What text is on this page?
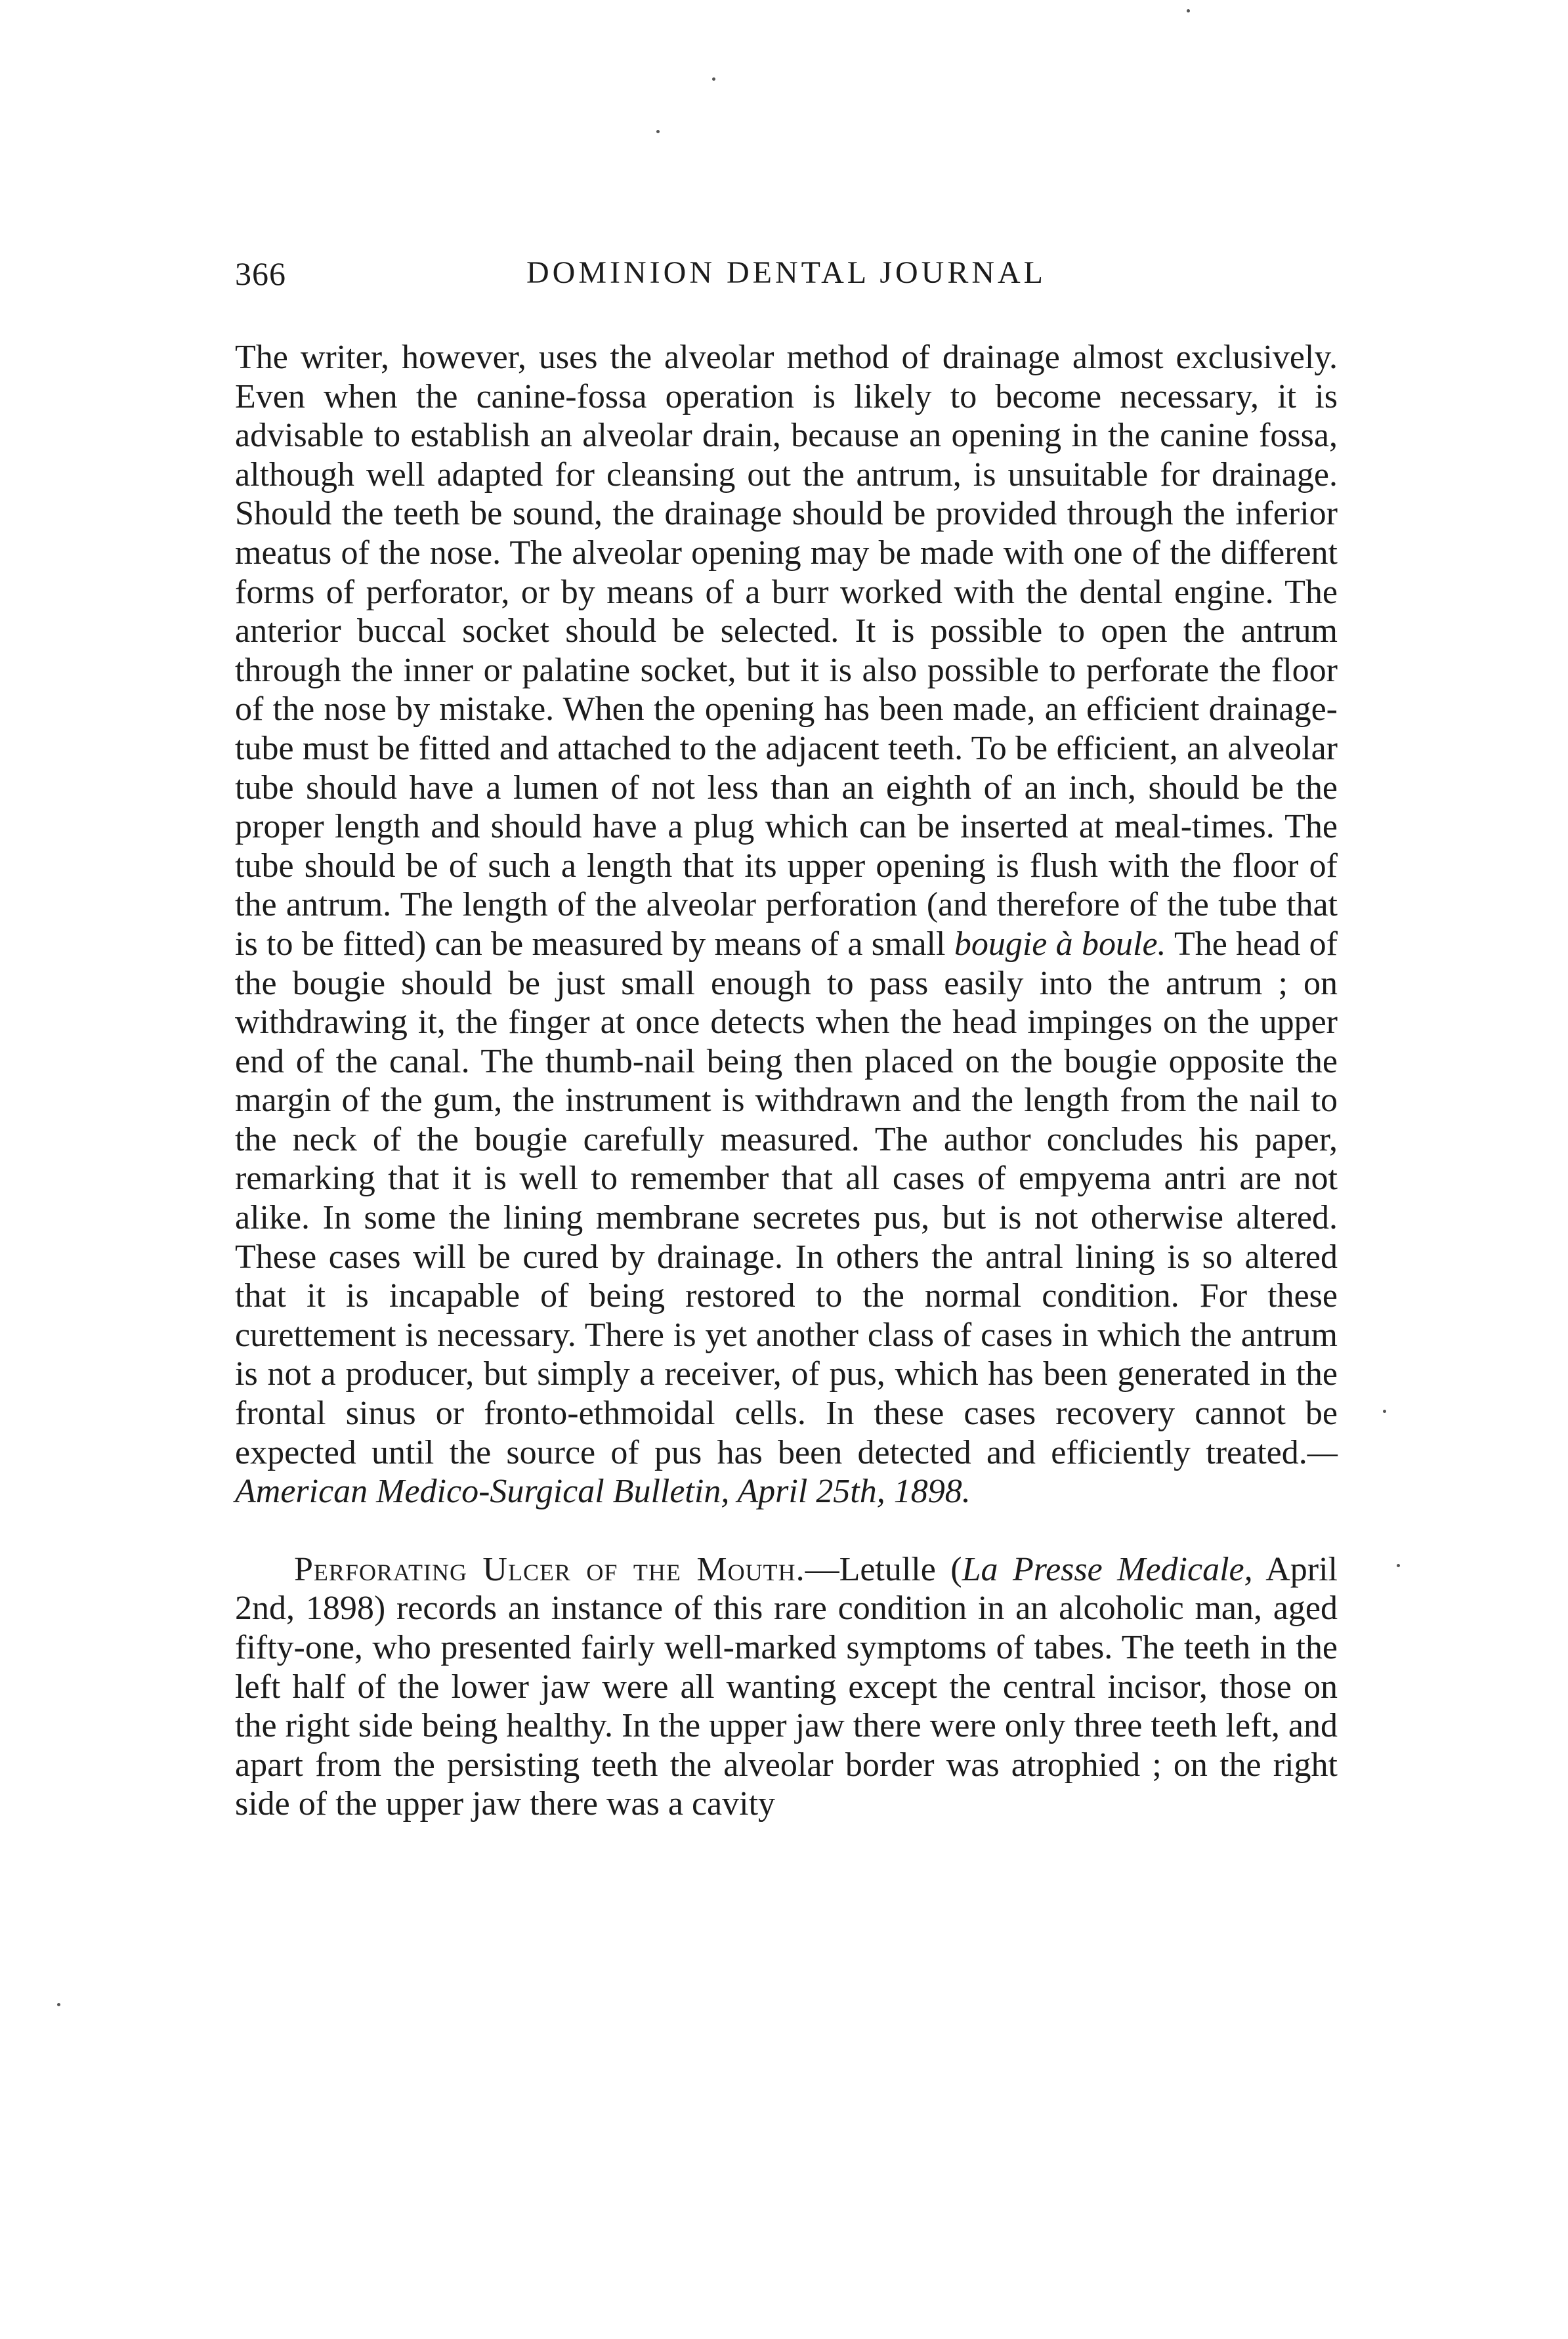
366	DOMINION DENTAL JOURNAL

The writer, however, uses the alveolar method of drainage almost exclusively. Even when the canine-fossa operation is likely to become necessary, it is advisable to establish an alveolar drain, because an opening in the canine fossa, although well adapted for cleansing out the antrum, is unsuitable for drainage. Should the teeth be sound, the drainage should be provided through the inferior meatus of the nose. The alveolar opening may be made with one of the different forms of perforator, or by means of a burr worked with the dental engine. The anterior buccal socket should be selected. It is possible to open the antrum through the inner or palatine socket, but it is also possible to perforate the floor of the nose by mistake. When the opening has been made, an efficient drainage-tube must be fitted and attached to the adjacent teeth. To be efficient, an alveolar tube should have a lumen of not less than an eighth of an inch, should be the proper length and should have a plug which can be inserted at meal-times. The tube should be of such a length that its upper opening is flush with the floor of the antrum. The length of the alveolar perforation (and therefore of the tube that is to be fitted) can be measured by means of a small bougie à boule. The head of the bougie should be just small enough to pass easily into the antrum ; on withdrawing it, the finger at once detects when the head impinges on the upper end of the canal. The thumb-nail being then placed on the bougie opposite the margin of the gum, the instrument is withdrawn and the length from the nail to the neck of the bougie carefully measured. The author concludes his paper, remarking that it is well to remember that all cases of empyema antri are not alike. In some the lining membrane secretes pus, but is not otherwise altered. These cases will be cured by drainage. In others the antral lining is so altered that it is incapable of being restored to the normal condition. For these curettement is necessary. There is yet another class of cases in which the antrum is not a producer, but simply a receiver, of pus, which has been generated in the frontal sinus or fronto-ethmoidal cells. In these cases recovery cannot be expected until the source of pus has been detected and efficiently treated.—American Medico-Surgical Bulletin, April 25th, 1898.

Perforating Ulcer of the Mouth.—Letulle (La Presse Medicale, April 2nd, 1898) records an instance of this rare condition in an alcoholic man, aged fifty-one, who presented fairly well-marked symptoms of tabes. The teeth in the left half of the lower jaw were all wanting except the central incisor, those on the right side being healthy. In the upper jaw there were only three teeth left, and apart from the persisting teeth the alveolar border was atrophied ; on the right side of the upper jaw there was a cavity
